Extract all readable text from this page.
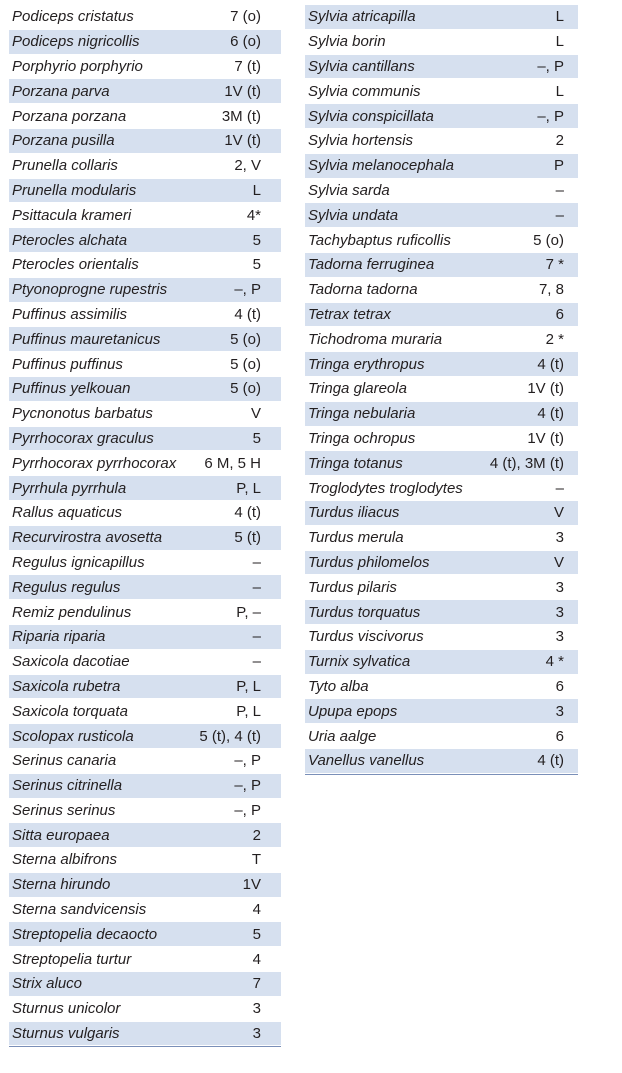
Podiceps cristatus	7 (o)
Podiceps nigricollis	6 (o)
Porphyrio porphyrio	7 (t)
Porzana parva	1V (t)
Porzana porzana	3M (t)
Porzana pusilla	1V (t)
Prunella collaris	2, V
Prunella modularis	L
Psittacula krameri	4*
Pterocles alchata	5
Pterocles orientalis	5
Ptyonoprogne rupestris	–, P
Puffinus assimilis	4 (t)
Puffinus mauretanicus	5 (o)
Puffinus puffinus	5 (o)
Puffinus yelkouan	5 (o)
Pycnonotus barbatus	V
Pyrrhocorax graculus	5
Pyrrhocorax pyrrhocorax 6 M, 5 H
Pyrrhula pyrrhula	P, L
Rallus aquaticus	4 (t)
Recurvirostra avosetta	5 (t)
Regulus ignicapillus	–
Regulus regulus	–
Remiz pendulinus	P, –
Riparia riparia	–
Saxicola dacotiae	–
Saxicola rubetra	P, L
Saxicola torquata	P, L
Scolopax rusticola	5 (t), 4 (t)
Serinus canaria	–, P
Serinus citrinella	–, P
Serinus serinus	–, P
Sitta europaea	2
Sterna albifrons	T
Sterna hirundo	1V
Sterna sandvicensis	4
Streptopelia decaocto	5
Streptopelia turtur	4
Strix aluco	7
Sturnus unicolor	3
Sturnus vulgaris	3
Sylvia atricapilla	L
Sylvia borin	L
Sylvia cantillans	–, P
Sylvia communis	L
Sylvia conspicillata	–, P
Sylvia hortensis	2
Sylvia melanocephala	P
Sylvia sarda	–
Sylvia undata	–
Tachybaptus ruficollis	5 (o)
Tadorna ferruginea	7 *
Tadorna tadorna	7, 8
Tetrax tetrax	6
Tichodroma muraria	2 *
Tringa erythropus	4 (t)
Tringa glareola	1V (t)
Tringa nebularia	4 (t)
Tringa ochropus	1V (t)
Tringa totanus	4 (t), 3M (t)
Troglodytes troglodytes	–
Turdus iliacus	V
Turdus merula	3
Turdus philomelos	V
Turdus pilaris	3
Turdus torquatus	3
Turdus viscivorus	3
Turnix sylvatica	4 *
Tyto alba	6
Upupa epops	3
Uria aalge	6
Vanellus vanellus	4 (t)
